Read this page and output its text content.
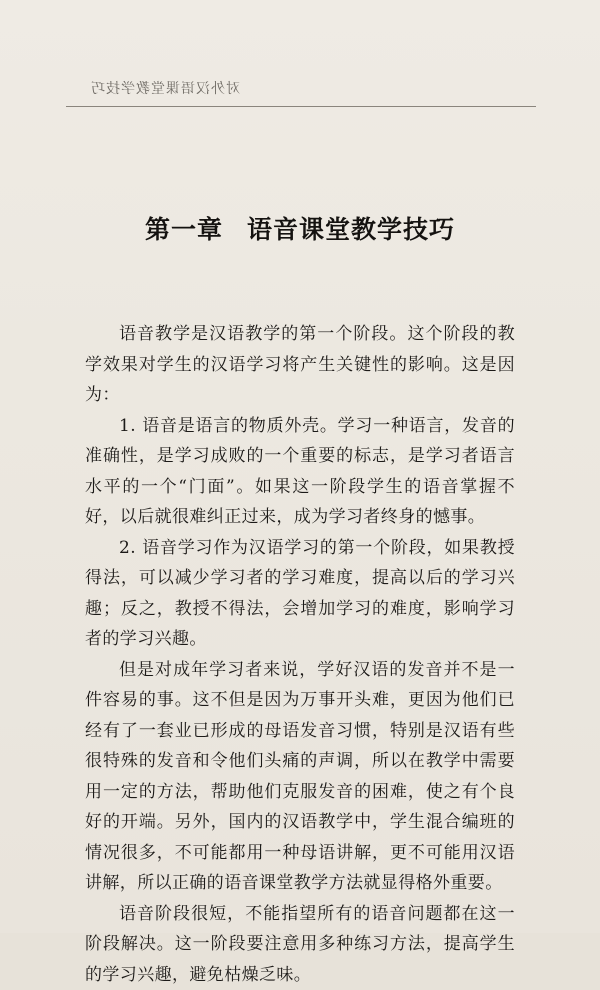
对外汉语课堂教学技巧
第一章 语音课堂教学技巧

语音教学是汉语教学的第一个阶段。这个阶段的教学效果对学生的汉语学习将产生关键性的影响。这是因为：

1. 语音是语言的物质外壳。学习一种语言，发音的准确性，是学习成败的一个重要的标志，是学习者语言水平的一个“门面”。如果这一阶段学生的语音掌握不好，以后就很难纠正过来，成为学习者终身的憾事。

2. 语音学习作为汉语学习的第一个阶段，如果教授得法，可以减少学习者的学习难度，提高以后的学习兴趣；反之，教授不得法，会增加学习的难度，影响学习者的学习兴趣。

但是对成年学习者来说，学好汉语的发音并不是一件容易的事。这不但是因为万事开头难，更因为他们已经有了一套业已形成的母语发音习惯，特别是汉语有些很特殊的发音和令他们头痛的声调，所以在教学中需要用一定的方法，帮助他们克服发音的困难，使之有个良好的开端。另外，国内的汉语教学中，学生混合编班的情况很多，不可能都用一种母语讲解，更不可能用汉语讲解，所以正确的语音课堂教学方法就显得格外重要。

语音阶段很短，不能指望所有的语音问题都在这一阶段解决。这一阶段要注意用多种练习方法，提高学生的学习兴趣，避免枯燥乏味。
